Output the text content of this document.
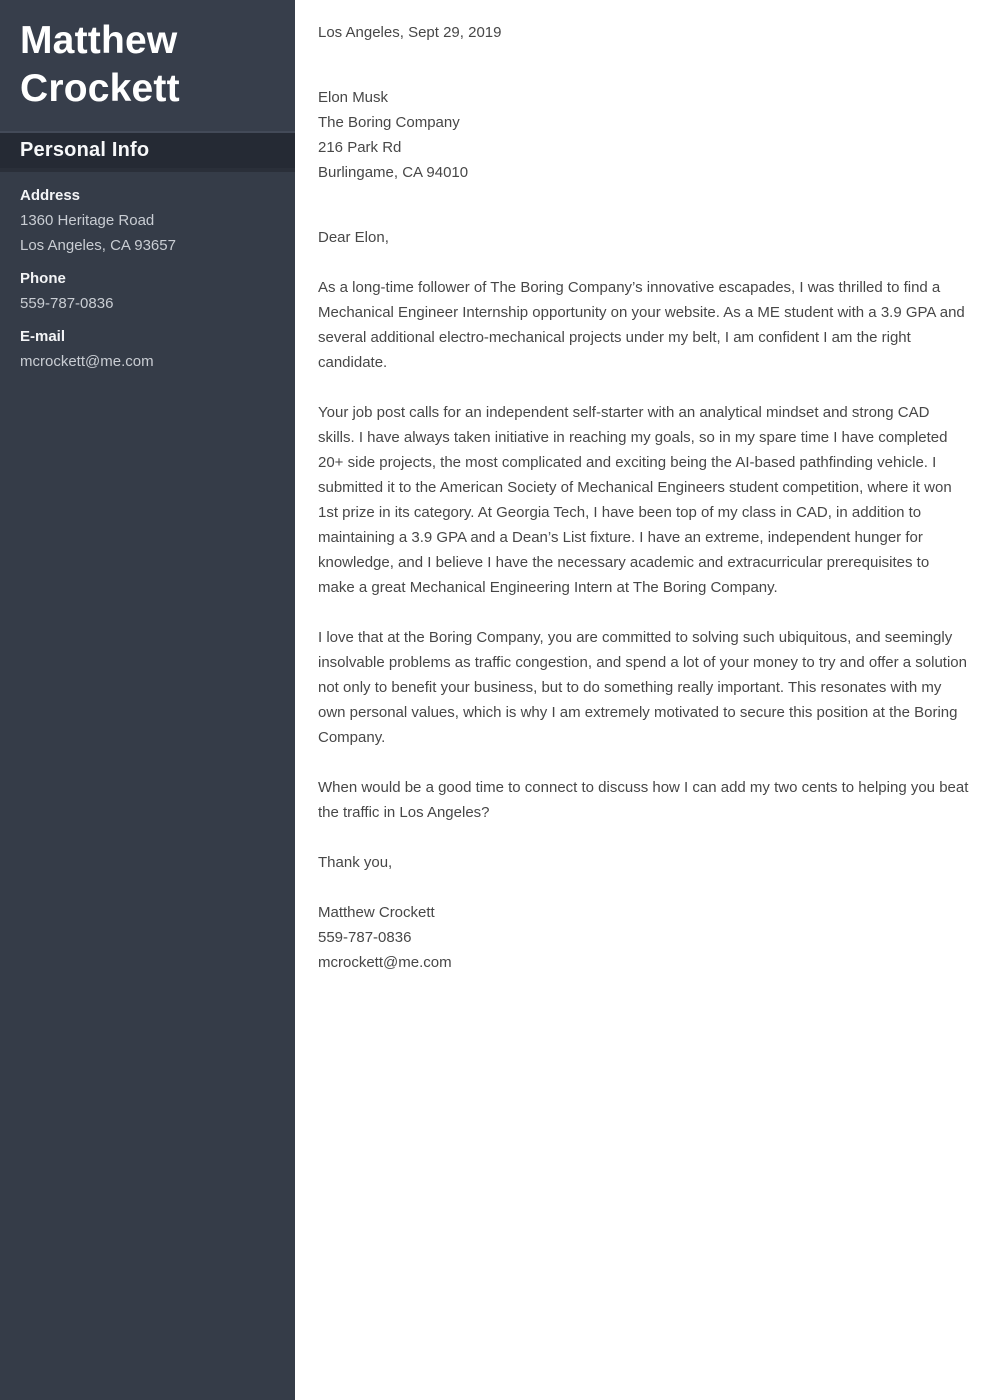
Matthew
Crockett
Personal Info
Address
1360 Heritage Road
Los Angeles, CA 93657
Phone
559-787-0836
E-mail
mcrockett@me.com

Los Angeles, Sept 29, 2019

Elon Musk
The Boring Company
216 Park Rd
Burlingame, CA 94010

Dear Elon,

As a long-time follower of The Boring Company’s innovative escapades, I was thrilled to find a Mechanical Engineer Internship opportunity on your website. As a ME student with a 3.9 GPA and several additional electro-mechanical projects under my belt, I am confident I am the right candidate.

Your job post calls for an independent self-starter with an analytical mindset and strong CAD skills. I have always taken initiative in reaching my goals, so in my spare time I have completed 20+ side projects, the most complicated and exciting being the AI-based pathfinding vehicle. I submitted it to the American Society of Mechanical Engineers student competition, where it won 1st prize in its category. At Georgia Tech, I have been top of my class in CAD, in addition to maintaining a 3.9 GPA and a Dean’s List fixture. I have an extreme, independent hunger for knowledge, and I believe I have the necessary academic and extracurricular prerequisites to make a great Mechanical Engineering Intern at The Boring Company.

I love that at the Boring Company, you are committed to solving such ubiquitous, and seemingly insolvable problems as traffic congestion, and spend a lot of your money to try and offer a solution not only to benefit your business, but to do something really important. This resonates with my own personal values, which is why I am extremely motivated to secure this position at the Boring Company.

When would be a good time to connect to discuss how I can add my two cents to helping you beat the traffic in Los Angeles?

Thank you,

Matthew Crockett
559-787-0836
mcrockett@me.com
